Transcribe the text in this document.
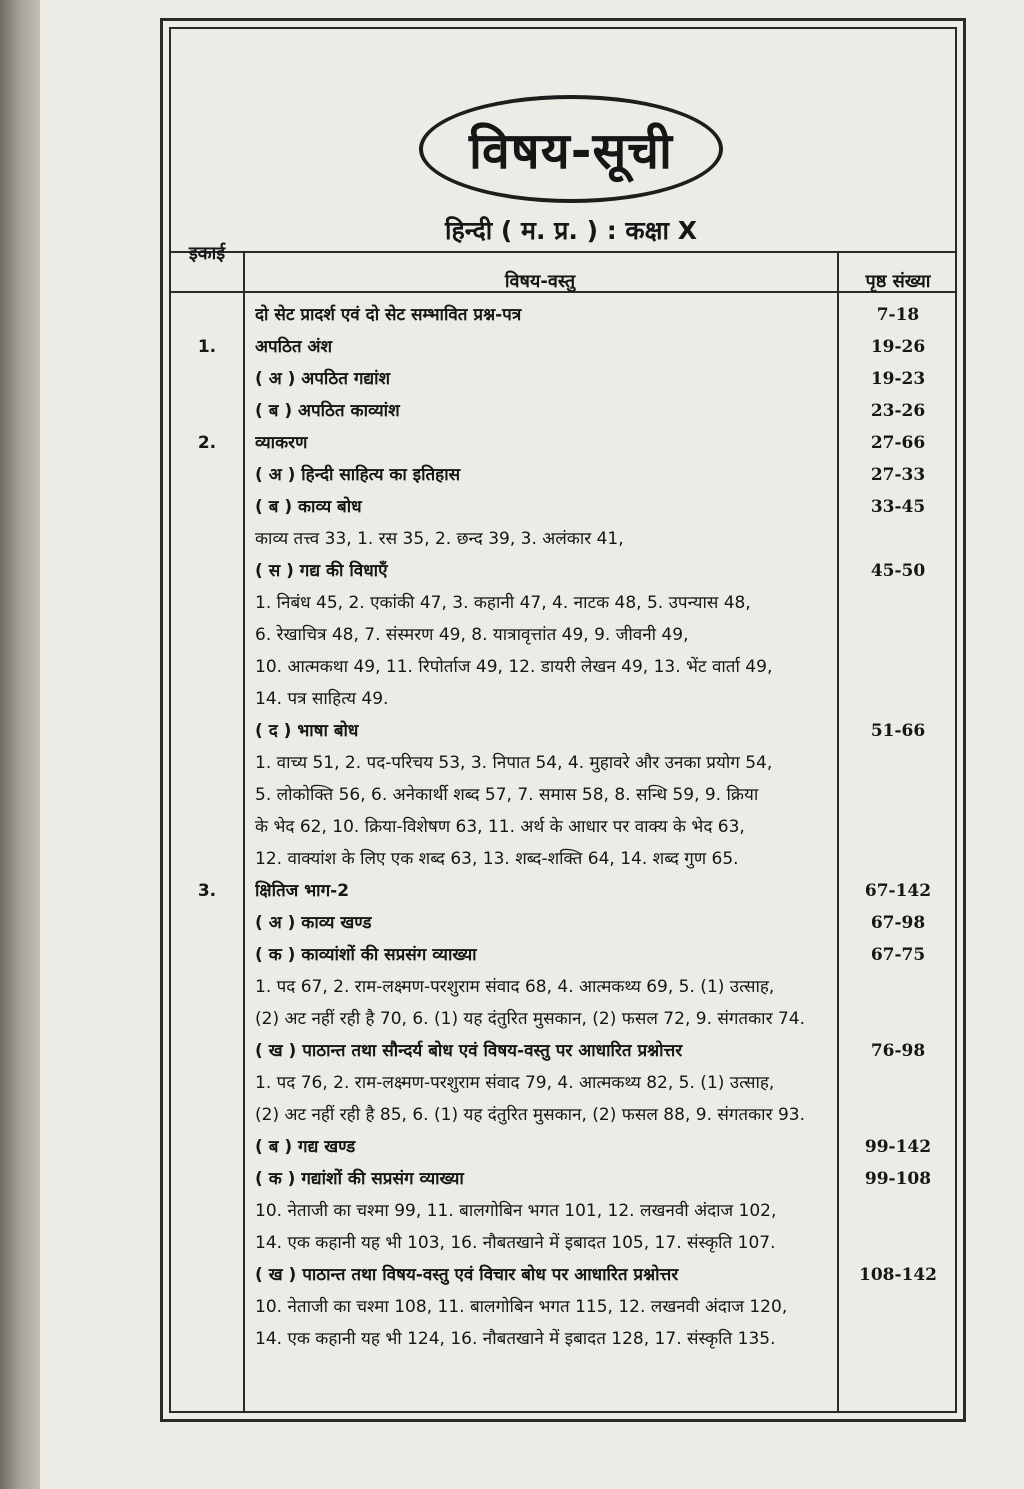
विषय-सूची
हिन्दी ( म. प्र. ) : कक्षा X
इकाई
विषय-वस्तु	पृष्ठ संख्या
दो सेट प्रादर्श एवं दो सेट सम्भावित प्रश्न-पत्र	7-18
1.	अपठित अंश	19-26
( अ ) अपठित गद्यांश	19-23
( ब ) अपठित काव्यांश	23-26
2.	व्याकरण	27-66
( अ ) हिन्दी साहित्य का इतिहास	27-33
( ब ) काव्य बोध	33-45
काव्य तत्त्व 33, 1. रस 35, 2. छन्द 39, 3. अलंकार 41,
( स ) गद्य की विधाएँ	45-50
1. निबंध 45, 2. एकांकी 47, 3. कहानी 47, 4. नाटक 48, 5. उपन्यास 48,
6. रेखाचित्र 48, 7. संस्मरण 49, 8. यात्रावृत्तांत 49, 9. जीवनी 49,
10. आत्मकथा 49, 11. रिपोर्ताज 49, 12. डायरी लेखन 49, 13. भेंट वार्ता 49,
14. पत्र साहित्य 49.
( द ) भाषा बोध	51-66
1. वाच्य 51, 2. पद-परिचय 53, 3. निपात 54, 4. मुहावरे और उनका प्रयोग 54,
5. लोकोक्ति 56, 6. अनेकार्थी शब्द 57, 7. समास 58, 8. सन्धि 59, 9. क्रिया
के भेद 62, 10. क्रिया-विशेषण 63, 11. अर्थ के आधार पर वाक्य के भेद 63,
12. वाक्यांश के लिए एक शब्द 63, 13. शब्द-शक्ति 64, 14. शब्द गुण 65.
3.	क्षितिज भाग-2	67-142
( अ ) काव्य खण्ड	67-98
( क ) काव्यांशों की सप्रसंग व्याख्या	67-75
1. पद 67, 2. राम-लक्ष्मण-परशुराम संवाद 68, 4. आत्मकथ्य 69, 5. (1) उत्साह,
(2) अट नहीं रही है 70, 6. (1) यह दंतुरित मुसकान, (2) फसल 72, 9. संगतकार 74.
( ख ) पाठान्त तथा सौन्दर्य बोध एवं विषय-वस्तु पर आधारित प्रश्नोत्तर	76-98
1. पद 76, 2. राम-लक्ष्मण-परशुराम संवाद 79, 4. आत्मकथ्य 82, 5. (1) उत्साह,
(2) अट नहीं रही है 85, 6. (1) यह दंतुरित मुसकान, (2) फसल 88, 9. संगतकार 93.
( ब ) गद्य खण्ड	99-142
( क ) गद्यांशों की सप्रसंग व्याख्या	99-108
10. नेताजी का चश्मा 99, 11. बालगोबिन भगत 101, 12. लखनवी अंदाज 102,
14. एक कहानी यह भी 103, 16. नौबतखाने में इबादत 105, 17. संस्कृति 107.
( ख ) पाठान्त तथा विषय-वस्तु एवं विचार बोध पर आधारित प्रश्नोत्तर	108-142
10. नेताजी का चश्मा 108, 11. बालगोबिन भगत 115, 12. लखनवी अंदाज 120,
14. एक कहानी यह भी 124, 16. नौबतखाने में इबादत 128, 17. संस्कृति 135.
